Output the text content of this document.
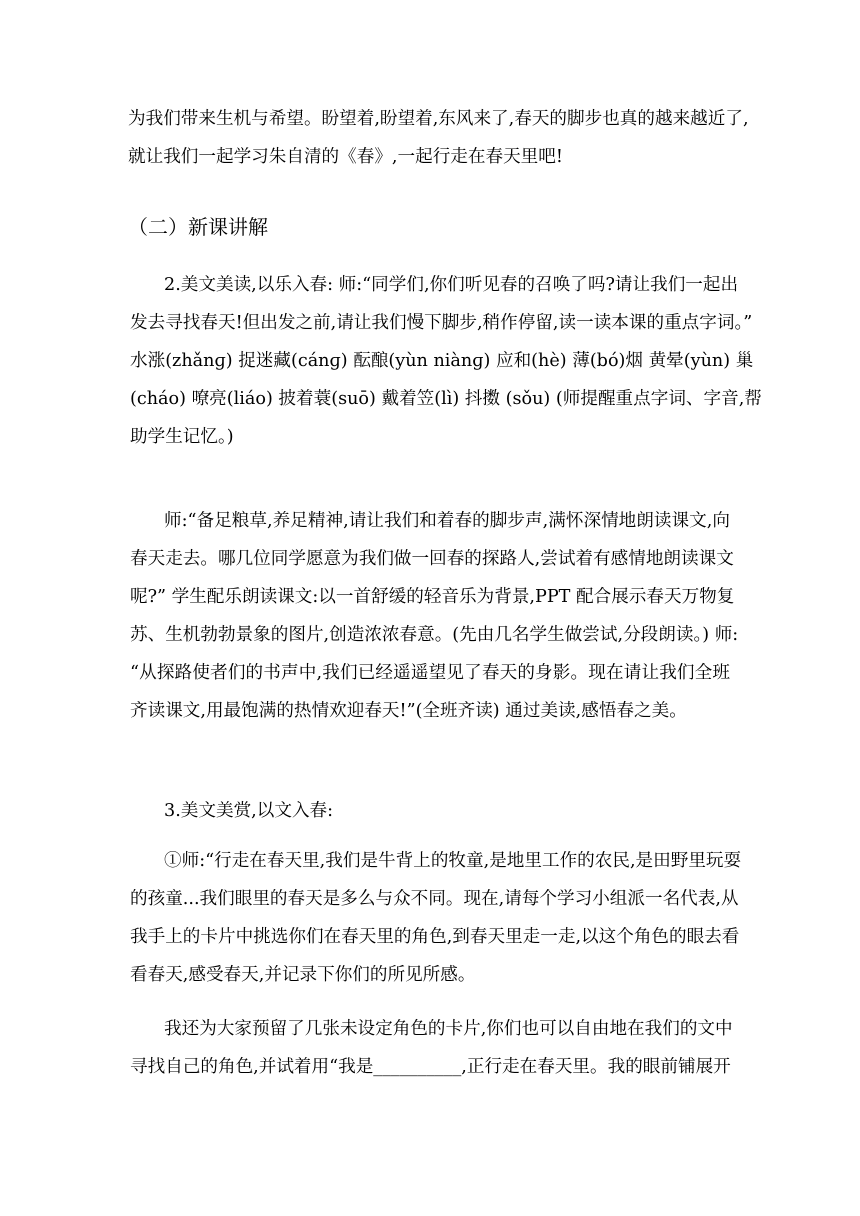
为我们带来生机与希望。盼望着,盼望着,东风来了,春天的脚步也真的越来越近了,
就让我们一起学习朱自清的《春》,一起行走在春天里吧!

（二）新课讲解

2.美文美读,以乐入春: 师:“同学们,你们听见春的召唤了吗?请让我们一起出
发去寻找春天!但出发之前,请让我们慢下脚步,稍作停留,读一读本课的重点字词。”
水涨(zhǎnɡ) 捉迷藏(cánɡ) 酝酿(yùn niànɡ) 应和(hè) 薄(bó)烟 黄晕(yùn) 巢
(cháo) 嘹亮(liáo) 披着蓑(suō) 戴着笠(lì) 抖擞 (sǒu) (师提醒重点字词、字音,帮
助学生记忆。)

师:“备足粮草,养足精神,请让我们和着春的脚步声,满怀深情地朗读课文,向
春天走去。哪几位同学愿意为我们做一回春的探路人,尝试着有感情地朗读课文
呢?” 学生配乐朗读课文:以一首舒缓的轻音乐为背景,PPT 配合展示春天万物复
苏、生机勃勃景象的图片,创造浓浓春意。(先由几名学生做尝试,分段朗读。) 师:
“从探路使者们的书声中,我们已经遥遥望见了春天的身影。现在请让我们全班
齐读课文,用最饱满的热情欢迎春天!”(全班齐读) 通过美读,感悟春之美。

3.美文美赏,以文入春:

①师:“行走在春天里,我们是牛背上的牧童,是地里工作的农民,是田野里玩耍
的孩童...我们眼里的春天是多么与众不同。现在,请每个学习小组派一名代表,从
我手上的卡片中挑选你们在春天里的角色,到春天里走一走,以这个角色的眼去看
看春天,感受春天,并记录下你们的所见所感。

我还为大家预留了几张未设定角色的卡片,你们也可以自由地在我们的文中
寻找自己的角色,并试着用“我是__________,正行走在春天里。我的眼前铺展开
